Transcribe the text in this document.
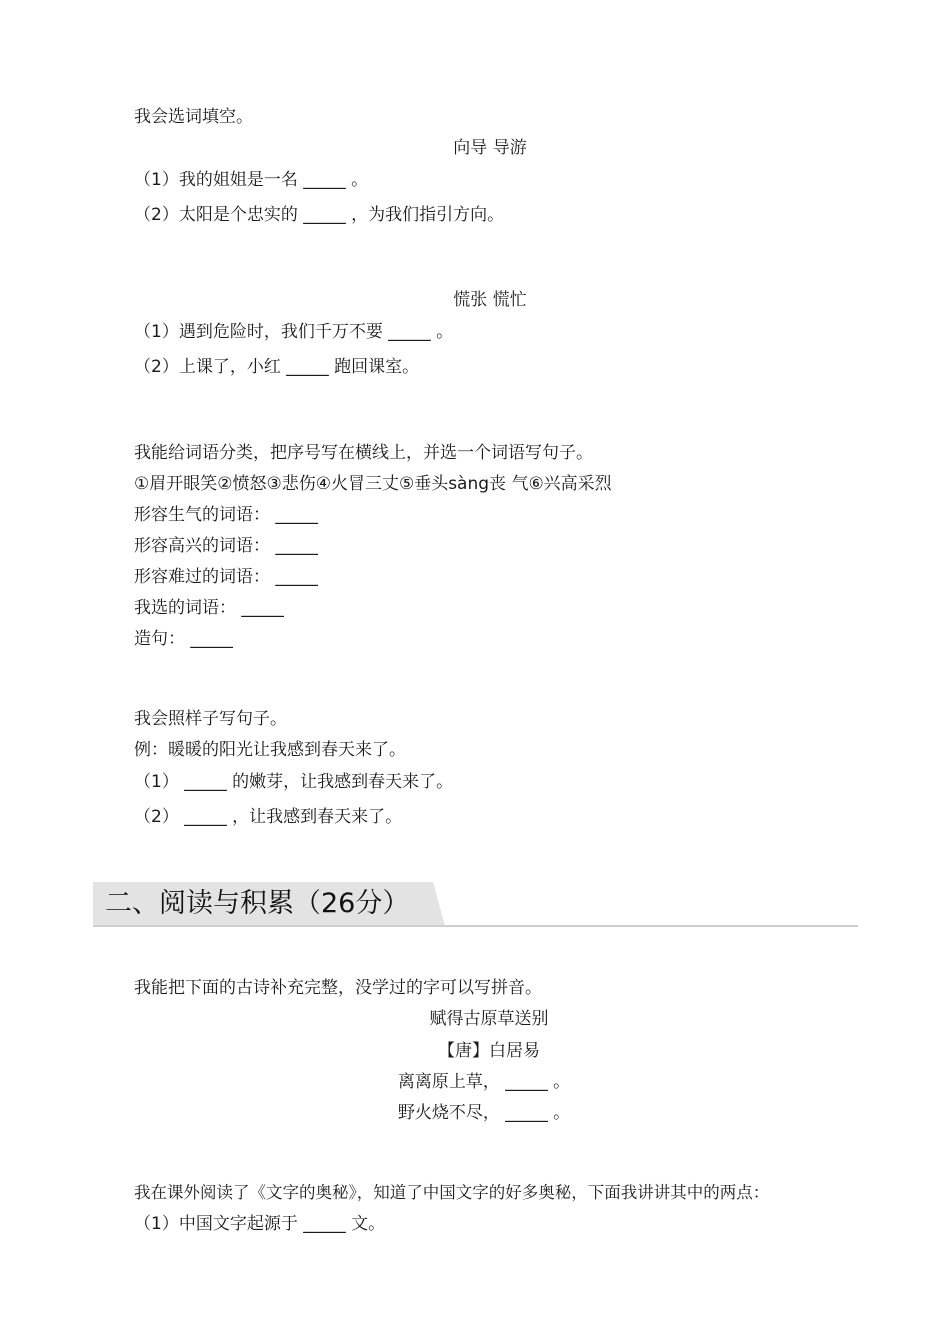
我会选词填空。
向导 导游
（1）我的姐姐是一名 _____ 。
（2）太阳是个忠实的 _____ ，为我们指引方向。
慌张 慌忙
（1）遇到危险时，我们千万不要 _____ 。
（2）上课了，小红 _____ 跑回课室。
我能给词语分类，把序号写在横线上，并选一个词语写句子。
①眉开眼笑②愤怒③悲伤④火冒三丈⑤垂头sàng丧 气⑥兴高采烈
形容生气的词语： _____
形容高兴的词语： _____
形容难过的词语： _____
我选的词语： _____
造句： _____
我会照样子写句子。
例：暖暖的阳光让我感到春天来了。
（1） _____ 的嫩芽，让我感到春天来了。
（2） _____ ，让我感到春天来了。
二、阅读与积累（26分）
我能把下面的古诗补充完整，没学过的字可以写拼音。
赋得古原草送别
【唐】白居易
离离原上草， _____ 。
野火烧不尽， _____ 。
我在课外阅读了《文字的奥秘》，知道了中国文字的好多奥秘，下面我讲讲其中的两点：
（1）中国文字起源于 _____ 文。
